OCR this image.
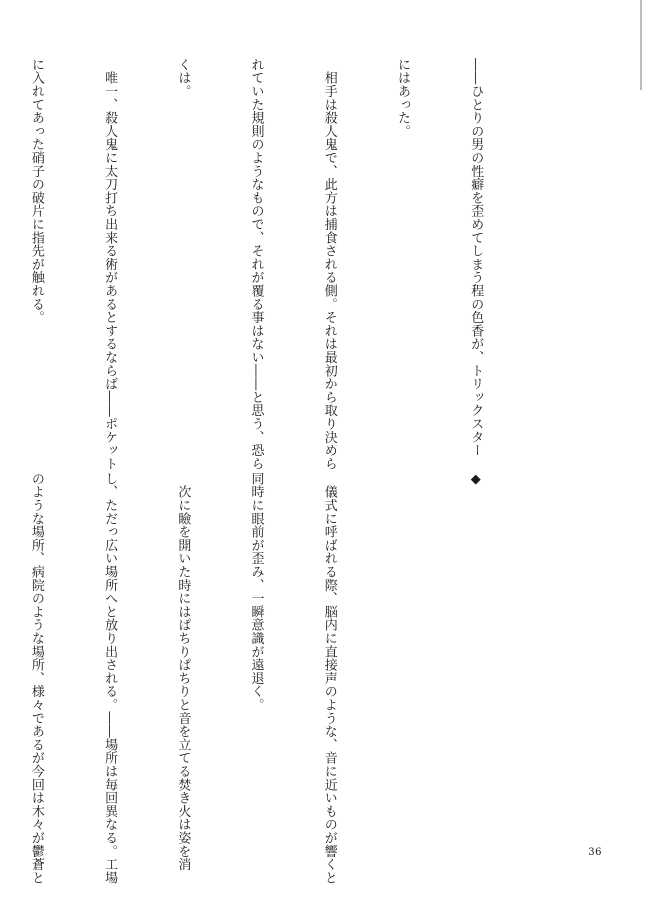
――ひとりの男の性癖を歪めてしまう程の色香が、トリックスター

にはあった。

　相手は殺人鬼で、此方は捕食される側。それは最初から取り決めら

れていた規則のようなもので、それが覆る事はない――と思う、恐ら

くは。

　唯一、殺人鬼に太刀打ち出来る術があるとするならば――ポケット

に入れてあった硝子の破片に指先が触れる。

◆

　儀式に呼ばれる際、脳内に直接声のような、音に近いものが響くと

同時に眼前が歪み、一瞬意識が遠退く。

　次に瞼を開いた時にはぱちりぱちりと音を立てる焚き火は姿を消

し、ただっ広い場所へと放り出される。――場所は毎回異なる。工場

のような場所、病院のような場所、様々であるが今回は木々が鬱蒼と

	36
